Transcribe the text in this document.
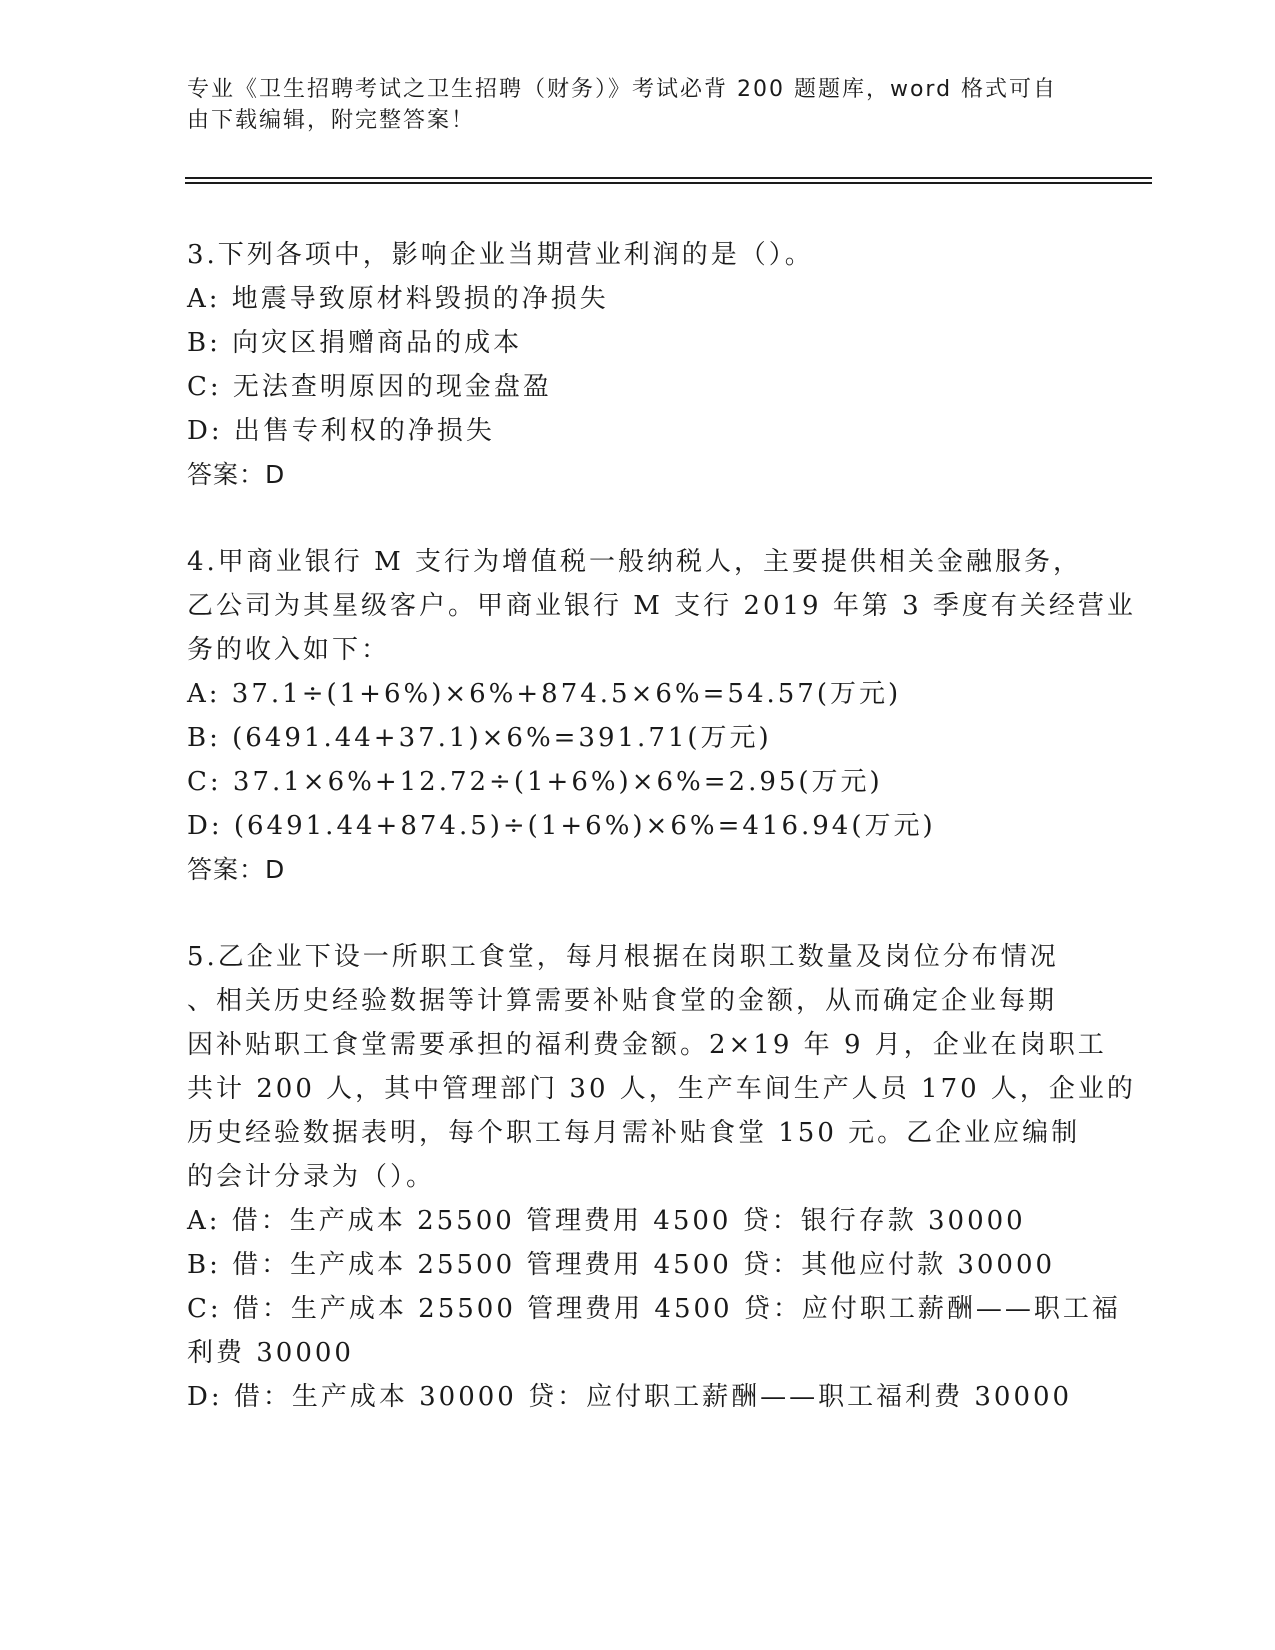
专业《卫生招聘考试之卫生招聘（财务）》考试必背 200 题题库，word 格式可自
由下载编辑，附完整答案！
3.下列各项中，影响企业当期营业利润的是（）。
A: 地震导致原材料毁损的净损失
B: 向灾区捐赠商品的成本
C: 无法查明原因的现金盘盈
D: 出售专利权的净损失
答案：D
4.甲商业银行 M 支行为增值税一般纳税人，主要提供相关金融服务，
乙公司为其星级客户。甲商业银行 M 支行 2019 年第 3 季度有关经营业
务的收入如下：
A: 37.1÷(1+6%)×6%+874.5×6%=54.57(万元)
B: (6491.44+37.1)×6%=391.71(万元)
C: 37.1×6%+12.72÷(1+6%)×6%=2.95(万元)
D: (6491.44+874.5)÷(1+6%)×6%=416.94(万元)
答案：D
5.乙企业下设一所职工食堂，每月根据在岗职工数量及岗位分布情况
、相关历史经验数据等计算需要补贴食堂的金额，从而确定企业每期
因补贴职工食堂需要承担的福利费金额。2×19 年 9 月，企业在岗职工
共计 200 人，其中管理部门 30 人，生产车间生产人员 170 人，企业的
历史经验数据表明，每个职工每月需补贴食堂 150 元。乙企业应编制
的会计分录为（）。
A: 借：生产成本 25500 管理费用 4500 贷：银行存款 30000
B: 借：生产成本 25500 管理费用 4500 贷：其他应付款 30000
C: 借：生产成本 25500 管理费用 4500 贷：应付职工薪酬——职工福
利费 30000
D: 借：生产成本 30000 贷：应付职工薪酬——职工福利费 30000
